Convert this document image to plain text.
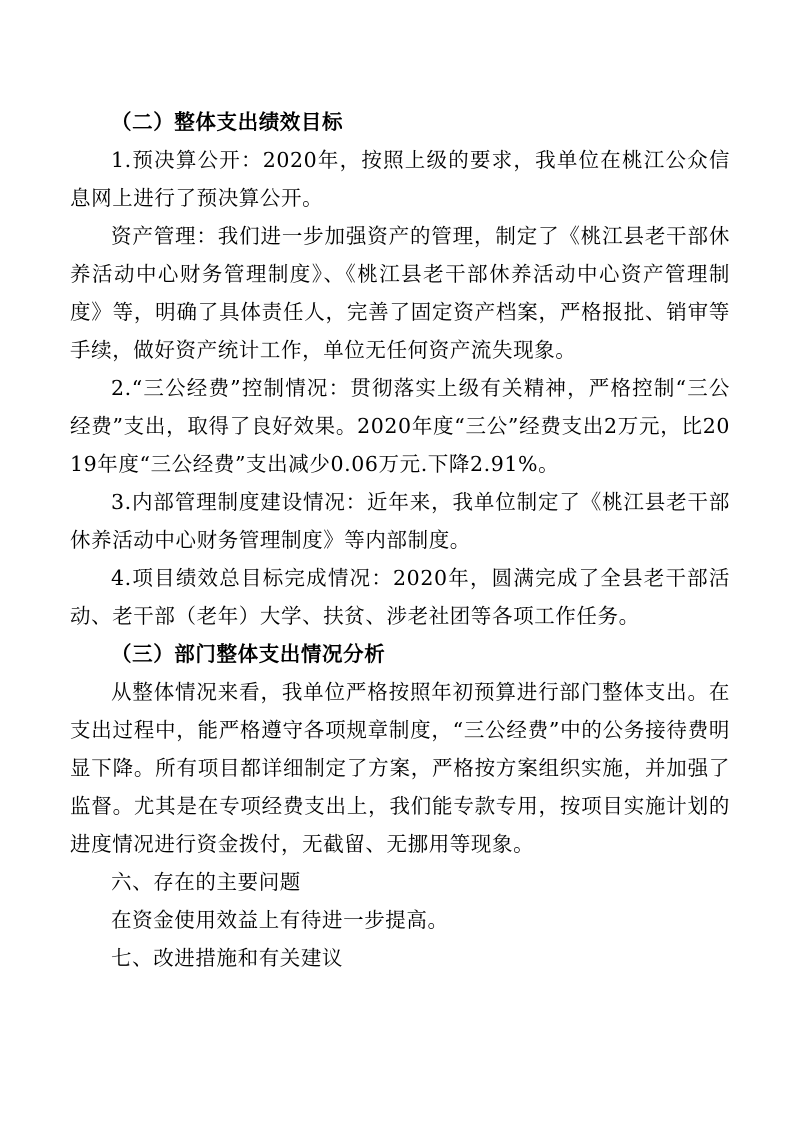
（二）整体支出绩效目标

1.预决算公开：2020年，按照上级的要求，我单位在桃江公众信息网上进行了预决算公开。

资产管理：我们进一步加强资产的管理，制定了《桃江县老干部休养活动中心财务管理制度》、《桃江县老干部休养活动中心资产管理制度》等，明确了具体责任人，完善了固定资产档案，严格报批、销审等手续，做好资产统计工作，单位无任何资产流失现象。

2.“三公经费”控制情况：贯彻落实上级有关精神，严格控制“三公经费”支出，取得了良好效果。2020年度“三公”经费支出2万元，比2019年度“三公经费”支出减少0.06万元.下降2.91%。

3.内部管理制度建设情况：近年来，我单位制定了《桃江县老干部休养活动中心财务管理制度》等内部制度。

4.项目绩效总目标完成情况：2020年，圆满完成了全县老干部活动、老干部（老年）大学、扶贫、涉老社团等各项工作任务。

（三）部门整体支出情况分析

从整体情况来看，我单位严格按照年初预算进行部门整体支出。在支出过程中，能严格遵守各项规章制度，“三公经费”中的公务接待费明显下降。所有项目都详细制定了方案，严格按方案组织实施，并加强了监督。尤其是在专项经费支出上，我们能专款专用，按项目实施计划的进度情况进行资金拨付，无截留、无挪用等现象。

六、存在的主要问题

在资金使用效益上有待进一步提高。

七、改进措施和有关建议
